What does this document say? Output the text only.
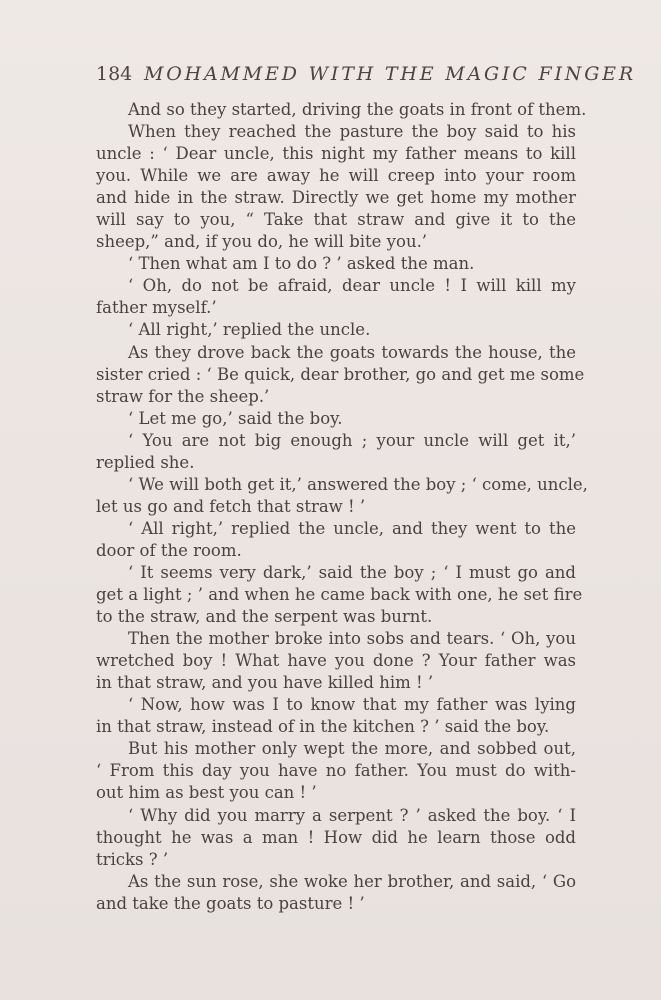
184 MOHAMMED WITH THE MAGIC FINGER
And so they started, driving the goats in front of them.
When they reached the pasture the boy said to his
uncle : ‘ Dear uncle, this night my father means to kill
you. While we are away he will creep into your room
and hide in the straw. Directly we get home my mother
will say to you, “ Take that straw and give it to the
sheep,” and, if you do, he will bite you.’
‘ Then what am I to do ? ’ asked the man.
‘ Oh, do not be afraid, dear uncle ! I will kill my
father myself.’
‘ All right,’ replied the uncle.
As they drove back the goats towards the house, the
sister cried : ‘ Be quick, dear brother, go and get me some
straw for the sheep.’
‘ Let me go,’ said the boy.
‘ You are not big enough ; your uncle will get it,’
replied she.
‘ We will both get it,’ answered the boy ; ‘ come, uncle,
let us go and fetch that straw ! ’
‘ All right,’ replied the uncle, and they went to the
door of the room.
‘ It seems very dark,’ said the boy ; ‘ I must go and
get a light ; ’ and when he came back with one, he set fire
to the straw, and the serpent was burnt.
Then the mother broke into sobs and tears. ‘ Oh, you
wretched boy ! What have you done ? Your father was
in that straw, and you have killed him ! ’
‘ Now, how was I to know that my father was lying
in that straw, instead of in the kitchen ? ’ said the boy.
But his mother only wept the more, and sobbed out,
‘ From this day you have no father. You must do with-
out him as best you can ! ’
‘ Why did you marry a serpent ? ’ asked the boy. ‘ I
thought he was a man ! How did he learn those odd
tricks ? ’
As the sun rose, she woke her brother, and said, ‘ Go
and take the goats to pasture ! ’
